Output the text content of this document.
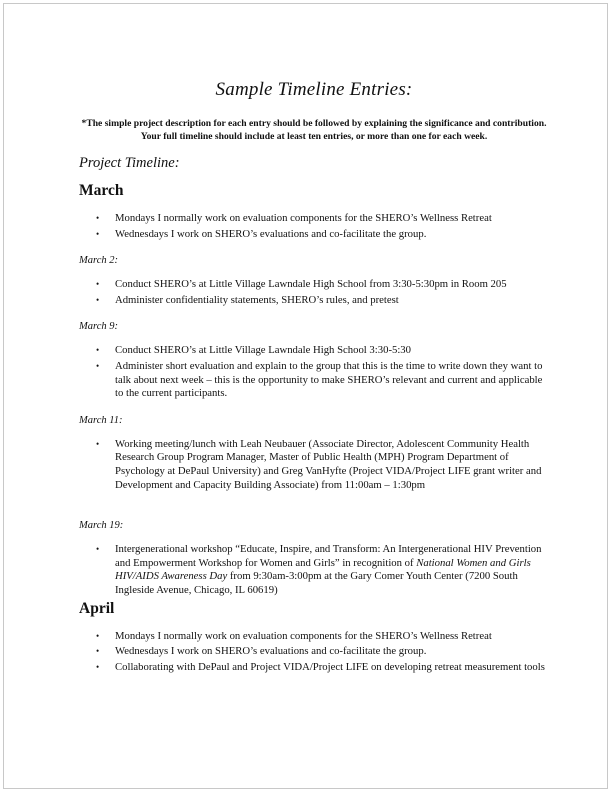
Sample Timeline Entries:
*The simple project description for each entry should be followed by explaining the significance and contribution. Your full timeline should include at least ten entries, or more than one for each week.
Project Timeline:
March
• Mondays I normally work on evaluation components for the SHERO’s Wellness Retreat
• Wednesdays I work on SHERO’s evaluations and co-facilitate the group.
March 2:
• Conduct SHERO’s at Little Village Lawndale High School from 3:30-5:30pm in Room 205
• Administer confidentiality statements, SHERO’s rules, and pretest
March 9:
• Conduct SHERO’s at Little Village Lawndale High School 3:30-5:30
• Administer short evaluation and explain to the group that this is the time to write down they want to talk about next week – this is the opportunity to make SHERO’s relevant and current and applicable to the current participants.
March 11:
• Working meeting/lunch with Leah Neubauer (Associate Director, Adolescent Community Health Research Group Program Manager, Master of Public Health (MPH) Program Department of Psychology at DePaul University) and Greg VanHyfte (Project VIDA/Project LIFE grant writer and Development and Capacity Building Associate) from 11:00am – 1:30pm
March 19:
• Intergenerational workshop “Educate, Inspire, and Transform: An Intergenerational HIV Prevention and Empowerment Workshop for Women and Girls” in recognition of National Women and Girls HIV/AIDS Awareness Day from 9:30am-3:00pm at the Gary Comer Youth Center (7200 South Ingleside Avenue, Chicago, IL 60619)
April
• Mondays I normally work on evaluation components for the SHERO’s Wellness Retreat
• Wednesdays I work on SHERO’s evaluations and co-facilitate the group.
• Collaborating with DePaul and Project VIDA/Project LIFE on developing retreat measurement tools
